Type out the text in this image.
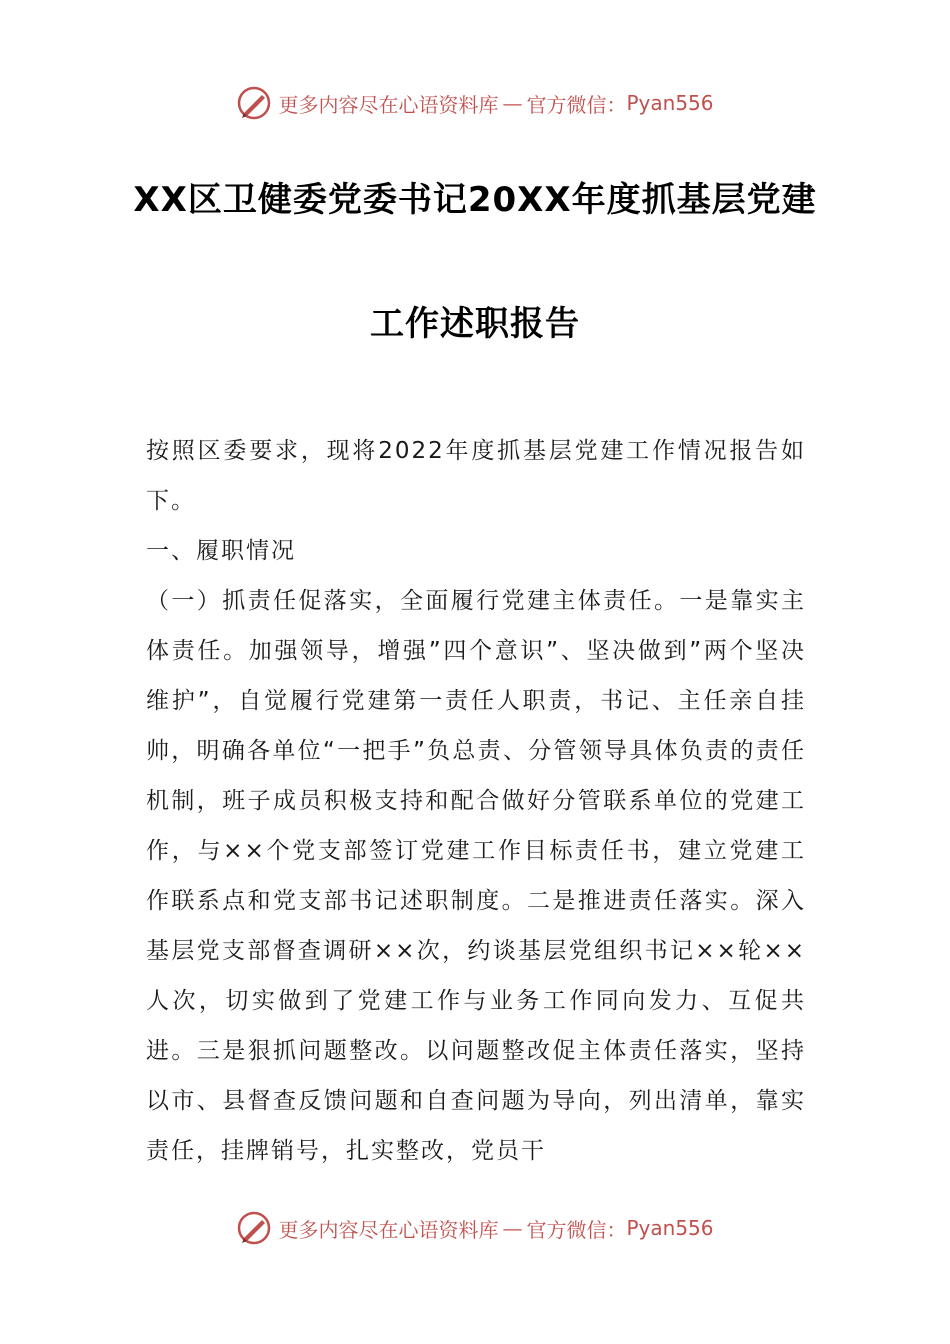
更多内容尽在心语资料库 — 官方微信： Pyan556
XX区卫健委党委书记20XX年度抓基层党建
工作述职报告

按照区委要求，现将2022年度抓基层党建工作情况报告如下。

一、履职情况

（一）抓责任促落实，全面履行党建主体责任。一是靠实主体责任。加强领导，增强”四个意识”、坚决做到”两个坚决维护”，自觉履行党建第一责任人职责，书记、主任亲自挂帅，明确各单位“一把手”负总责、分管领导具体负责的责任机制，班子成员积极支持和配合做好分管联系单位的党建工作，与××个党支部签订党建工作目标责任书，建立党建工作联系点和党支部书记述职制度。二是推进责任落实。深入基层党支部督查调研××次，约谈基层党组织书记××轮××人次，切实做到了党建工作与业务工作同向发力、互促共进。三是狠抓问题整改。以问题整改促主体责任落实，坚持以市、县督查反馈问题和自查问题为导向，列出清单，靠实责任，挂牌销号，扎实整改，党员干

更多内容尽在心语资料库 — 官方微信： Pyan556
